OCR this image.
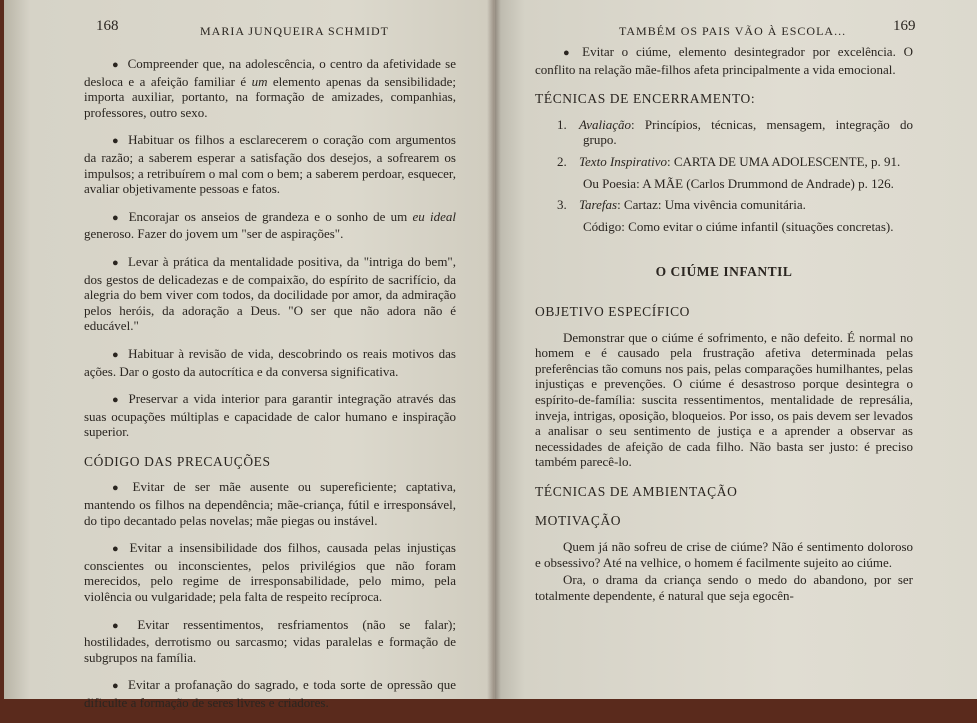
168	MARIA JUNQUEIRA SCHMIDT

● Compreender que, na adolescência, o centro da afetividade se desloca e a afeição familiar é um elemento apenas da sensibilidade; importa auxiliar, portanto, na formação de amizades, companhias, professores, outro sexo.

● Habituar os filhos a esclarecerem o coração com argumentos da razão; a saberem esperar a satisfação dos desejos, a sofrearem os impulsos; a retribuírem o mal com o bem; a saberem perdoar, esquecer, avaliar objetivamente pessoas e fatos.

● Encorajar os anseios de grandeza e o sonho de um eu ideal generoso. Fazer do jovem um "ser de aspirações".

● Levar à prática da mentalidade positiva, da "intriga do bem", dos gestos de delicadezas e de compaixão, do espírito de sacrifício, da alegria do bem viver com todos, da docilidade por amor, da admiração pelos heróis, da adoração a Deus. "O ser que não adora não é educável."

● Habituar à revisão de vida, descobrindo os reais motivos das ações. Dar o gosto da autocrítica e da conversa significativa.

● Preservar a vida interior para garantir integração através das suas ocupações múltiplas e capacidade de calor humano e inspiração superior.

CÓDIGO DAS PRECAUÇÕES

● Evitar de ser mãe ausente ou supereficiente; captativa, mantendo os filhos na dependência; mãe-criança, fútil e irresponsável, do tipo decantado pelas novelas; mãe piegas ou instável.

● Evitar a insensibilidade dos filhos, causada pelas injustiças conscientes ou inconscientes, pelos privilégios que não foram merecidos, pelo regime de irresponsabilidade, pelo mimo, pela violência ou vulgaridade; pela falta de respeito recíproca.

● Evitar ressentimentos, resfriamentos (não se falar); hostilidades, derrotismo ou sarcasmo; vidas paralelas e formação de subgrupos na família.

● Evitar a profanação do sagrado, e toda sorte de opressão que dificulte a formação de seres livres e criadores.

TAMBÉM OS PAIS VÃO À ESCOLA...	169

● Evitar o ciúme, elemento desintegrador por excelência. O conflito na relação mãe-filhos afeta principalmente a vida emocional.

TÉCNICAS DE ENCERRAMENTO:
1. Avaliação: Princípios, técnicas, mensagem, integração do grupo.
2. Texto Inspirativo: CARTA DE UMA ADOLESCENTE, p. 91.
Ou Poesia: A MÃE (Carlos Drummond de Andrade) p. 126.
3. Tarefas: Cartaz: Uma vivência comunitária.
Código: Como evitar o ciúme infantil (situações concretas).
O CIÚME INFANTIL
OBJETIVO ESPECÍFICO

Demonstrar que o ciúme é sofrimento, e não defeito. É normal no homem e é causado pela frustração afetiva determinada pelas preferências tão comuns nos pais, pelas comparações humilhantes, pelas injustiças e prevenções. O ciúme é desastroso porque desintegra o espírito-de-família: suscita ressentimentos, mentalidade de represália, inveja, intrigas, oposição, bloqueios. Por isso, os pais devem ser levados a analisar o seu sentimento de justiça e a aprender a observar as necessidades de afeição de cada filho. Não basta ser justo: é preciso também parecê-lo.

TÉCNICAS DE AMBIENTAÇÃO
MOTIVAÇÃO

Quem já não sofreu de crise de ciúme? Não é sentimento doloroso e obsessivo? Até na velhice, o homem é facilmente sujeito ao ciúme.

Ora, o drama da criança sendo o medo do abandono, por ser totalmente dependente, é natural que seja egocên-
